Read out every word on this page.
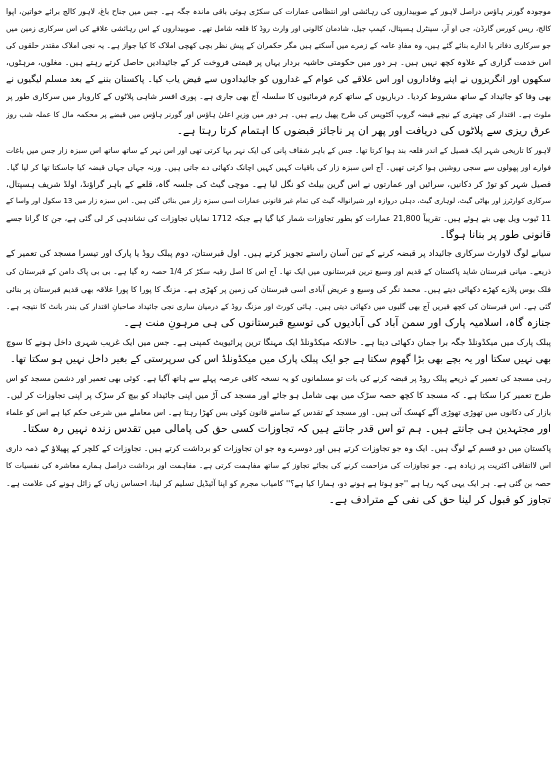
موجودہ گورنر ہاؤس دراصل لاہور کے صوبیداروں کی رہائشی اور انتظامی عمارات کی سکڑی ہوئی باقی ماندہ جگہ ہے۔ جس میں جناح باغ، لاہور کالج برائے خواتین، اپوا
کالج، ریس کورس گارڈن، جی او آر، سینٹرل ہسپتال، کیمپ جیل، شادمان کالونی اور وارث روڈ کا قلعہ شامل تھے۔ صوبیداروں کے اس رہائشی علاقے کی اس سرکاری زمین میں
جو سرکاری دفاتر یا ادارے بنائے گئے ہیں، وہ مفادِ عامہ کے زمرے میں آسکتے ہیں مگر حکمران کے پیش نظر بچی کھچی املاک کا کیا جواز ہے۔ یہ نجی املاک مقتدر حلقوں کی
اس خدمت گزاری کے علاوہ کچھ نہیں ہیں۔ ہر دور میں حکومتی حاشیہ بردار یہاں پر قیمتی فروخت کر کے جائیدادیں حاصل کرتے رہتے ہیں۔ مغلوں، مرہٹوں،
سکھوں اور انگریزوں نے اپنے وفاداروں اور اس علاقے کی عوام کے غداروں کو جائیدادوں سے فیض یاب کیا۔ پاکستان بننے کے بعد مسلم لیگیوں نے
بھی وفا کو جائیداد کے ساتھ مشروط کردیا۔ درباریوں کے ساتھ کرم فرمائیوں کا سلسلہ آج بھی جاری ہے۔ پوری افسر شاہی پلاٹوں کے کاروبار میں سرکاری طور پر
ملوث ہے۔ اقتدار کی چھتری کے نیچے قبضہ گروپ آکٹوپس کی طرح پھیل رہے ہیں۔ ہر دور میں وزیرِ اعلیٰ ہاؤس اور گورنر ہاؤس میں قبضے پر محکمہ مال کا عملہ شب روز
عرق ریزی سے پلاٹوں کی دریافت اور پھر ان پر ناجائز قبضوں کا اہتمام کرتا رہتا ہے۔
لاہور کا تاریخی شہر ایک فصیل کے اندر قلعہ بند ہوا کرتا تھا۔ جس کے باہر شفاف پانی کی ایک نہر بہا کرتی تھی اور اس نہر کے ساتھ ساتھ اس سبزہ زار جس میں باغات
فوارے اور پھولوں سے سجی روشیں ہوا کرتی تھیں۔ آج اس سبزہ زار کی باقیات کہیں کہیں اچانک دکھائی دے جاتی ہیں۔ ورنہ جہاں جہاں قبضہ کیا جاسکتا تھا کر لیا گیا۔
فصیل شہر کو توڑ کر دکانیں، سرائیں اور عمارتوں نے اس گرین بیلٹ کو نگل لیا ہے۔ موچی گیٹ کی جلسہ گاہ، قلعے کے باہر گراؤنڈ، اولڈ شریف ہسپتال،
سرکاری کوارٹرز اور بھاٹی گیٹ، لوہاری گیٹ، دہلی دروازہ اور شیرانوالہ گیٹ کی تمام غیر قانونی عمارات اسی سبزہ زار میں بنائی گئی ہیں۔ اس سبزہ زار میں 13 سکول اور واسا کے
11 ٹیوب ویل بھی بنے ہوئے ہیں۔ تقریباً 21,800 عمارات کو بطور تجاوزات شمار کیا گیا ہے جبکہ 1712 نمایاں تجاوزات کی نشاندہی کر لی گئی ہے، جن کا گرانا جسے
قانونی طور پر بنانا ہوگا۔
سیانے لوگ لاوارث سرکاری جائیداد پر قبضہ کرنے کے تین آسان راستے تجویز کرتے ہیں۔ اول قبرستان، دوم پبلک روڈ یا پارک اور تیسرا مسجد کی تعمیر کے
ذریعے۔ میانی قبرستان شاید پاکستان کے قدیم اور وسیع ترین قبرستانوں میں ایک تھا۔ آج اس کا اصل رقبہ سکڑ کر 1/4 حصہ رہ گیا ہے۔ بی بی پاک دامن کے قبرستان کی
فلک بوس پلازے کھڑے دکھائی دیتے ہیں۔ محمد نگر کی وسیع و عریض آبادی اسی قبرستان کی زمین پر کھڑی ہے۔ مزنگ کا پورا کا پورا علاقہ بھی قدیم قبرستان پر بنائی
گئی ہے۔ اس قبرستان کی کچھ قبریں آج بھی گلیوں میں دکھائی دیتی ہیں۔ ہائی کورٹ اور مزنگ روڈ کے درمیان ساری نجی جائیداد صاحبانِ اقتدار کی بندر بانٹ کا نتیجہ ہے۔
جنازہ گاہ، اسلامیہ پارک اور سمن آباد کی آبادیوں کی توسیع قبرستانوں کی ہی مرہونِ منت ہے۔
پبلک پارک میں میکڈونلڈ جگہ برا جمان دکھائی دیتا ہے۔ حالانکہ میکڈونلڈ ایک مہنگا ترین پرائیویٹ کمپنی ہے۔ جس میں ایک غریب شہری داخل ہونے کا سوچ
بھی نہیں سکتا اور یہ بچے بھی بڑا گھوم سکتا ہے جو ایک پبلک پارک میں میکڈونلڈ اس کی سرپرستی کے بغیر داخل نہیں ہو سکتا تھا۔
رہی مسجد کی تعمیر کے ذریعے پبلک روڈ پر قبضہ کرنے کی بات تو مسلمانوں کو یہ نسخہ کافی عرصہ پہلے سے ہاتھ آگیا ہے۔ کوئی بھی تعمیر اور دشمن مسجد کو اس
طرح تعمیر کرا سکتا ہے۔ کہ مسجد کا کچھ حصہ سڑک میں بھی شامل ہو جائے اور مسجد کی آڑ میں اپنی جائیداد کو بیچ کر سڑک پر اپنی تجاوزات کر لیں۔
بازار کی دکانوں میں تھوڑی تھوڑی آگے کھسک آتی ہیں۔ اور مسجد کے تقدس کے سامنے قانون کوئی بس کھڑا رہتا ہے۔ اس معاملے میں شرعی حکم کیا ہے اس کو علماء
اور مجتہدین ہی جانتے ہیں۔ ہم تو اس قدر جانتے ہیں کہ تجاوزات کسی حق کی پامالی میں تقدس زندہ نہیں رہ سکتا۔
پاکستان میں دو قسم کے لوگ ہیں۔ ایک وہ جو تجاوزات کرتے ہیں اور دوسرے وہ جو ان تجاوزات کو برداشت کرتے ہیں۔ تجاوزات کے کلچر کے پھیلاؤ کے ذمہ داری
اس لااتفاقی اکثریت پر زیادہ ہے۔ جو تجاوزات کی مزاحمت کرنے کی بجائے تجاوز کے ساتھ مفاہمت کرتی ہے۔ مفاہمت اور برداشت دراصل ہمارے معاشرہ کی نفسیات کا
حصہ بن گئی ہے۔ ہر ایک یہی کہہ رہا ہے ''جو ہوتا ہے ہونے دو، ہمارا کیا ہے؟'' کامیاب مجرم کو اپنا آئیڈیل تسلیم کر لینا، احساس زیاں کے زائل ہونے کی علامت ہے۔
تجاوز کو قبول کر لینا حق کی نفی کے مترادف ہے۔
